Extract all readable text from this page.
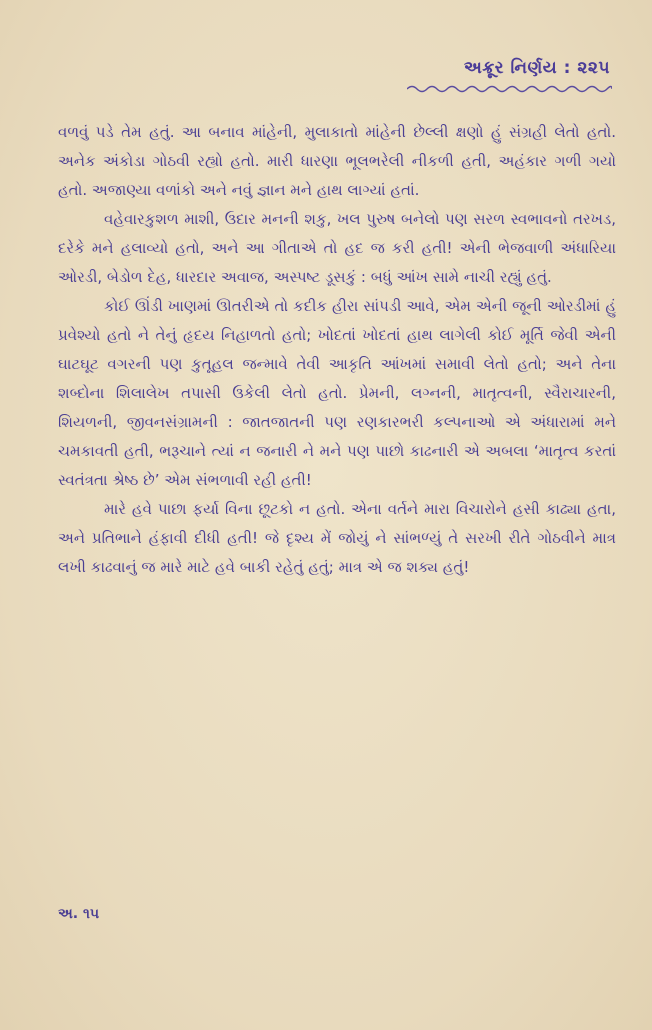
અક્રૂર નિર્ણય : ૨૨૫

વળવું પડે તેમ હતું. આ બનાવ માંહેની, મુલાકાતો માંહેની છેલ્લી ક્ષણો હું સંગ્રહી લેતો હતો. અનેક અંકોડા ગોઠવી રહ્યો હતો. મારી ધારણા ભૂલભરેલી નીકળી હતી, અહંકાર ગળી ગયો હતો. અજાણ્યા વળાંકો અને નવું જ્ઞાન મને હાથ લાગ્યાં હતાં.

વહેવારકુશળ માશી, ઉદાર મનની શકુ, ખલ પુરુષ બનેલો પણ સરળ સ્વભાવનો તરખડ, દરેકે મને હલાવ્યો હતો, અને આ ગીતાએ તો હદ જ કરી હતી! એની ભેજવાળી અંધારિયા ઓરડી, બેડોળ દેહ, ધારદાર અવાજ, અસ્પષ્ટ ડૂસકું : બધું આંખ સામે નાચી રહ્યું હતું.

કોઈ ઊંડી ખાણમાં ઊતરીએ તો કદીક હીરા સાંપડી આવે, એમ એની જૂની ઓરડીમાં હું પ્રવેશ્યો હતો ને તેનું હૃદય નિહાળતો હતો; ખોદતાં ખોદતાં હાથ લાગેલી કોઈ મૂર્તિ જેવી એની ઘાટઘૂટ વગરની પણ કુતૂહલ જન્માવે તેવી આકૃતિ આંખમાં સમાવી લેતો હતો; અને તેના શબ્દોના શિલાલેખ તપાસી ઉકેલી લેતો હતો. પ્રેમની, લગ્નની, માતૃત્વની, સ્વૈરાચારની, શિયળની, જીવનસંગ્રામની : જાતજાતની પણ રણકારભરી કલ્પનાઓ એ અંધારામાં મને ચમકાવતી હતી, ભરૂચાને ત્યાં ન જનારી ને મને પણ પાછો કાઢનારી એ અબલા ‘માતૃત્વ કરતાં સ્વતંત્રતા શ્રેષ્ઠ છે’ એમ સંભળાવી રહી હતી!

મારે હવે પાછા ફર્યા વિના છૂટકો ન હતો. એના વર્તને મારા વિચારોને હસી કાઢ્યા હતા, અને પ્રતિભાને હંફાવી દીધી હતી! જે દૃશ્ય મેં જોયું ને સાંભળ્યું તે સરખી રીતે ગોઠવીને માત્ર લખી કાઢવાનું જ મારે માટે હવે બાકી રહેતું હતું; માત્ર એ જ શક્ય હતું!

અ. ૧૫
